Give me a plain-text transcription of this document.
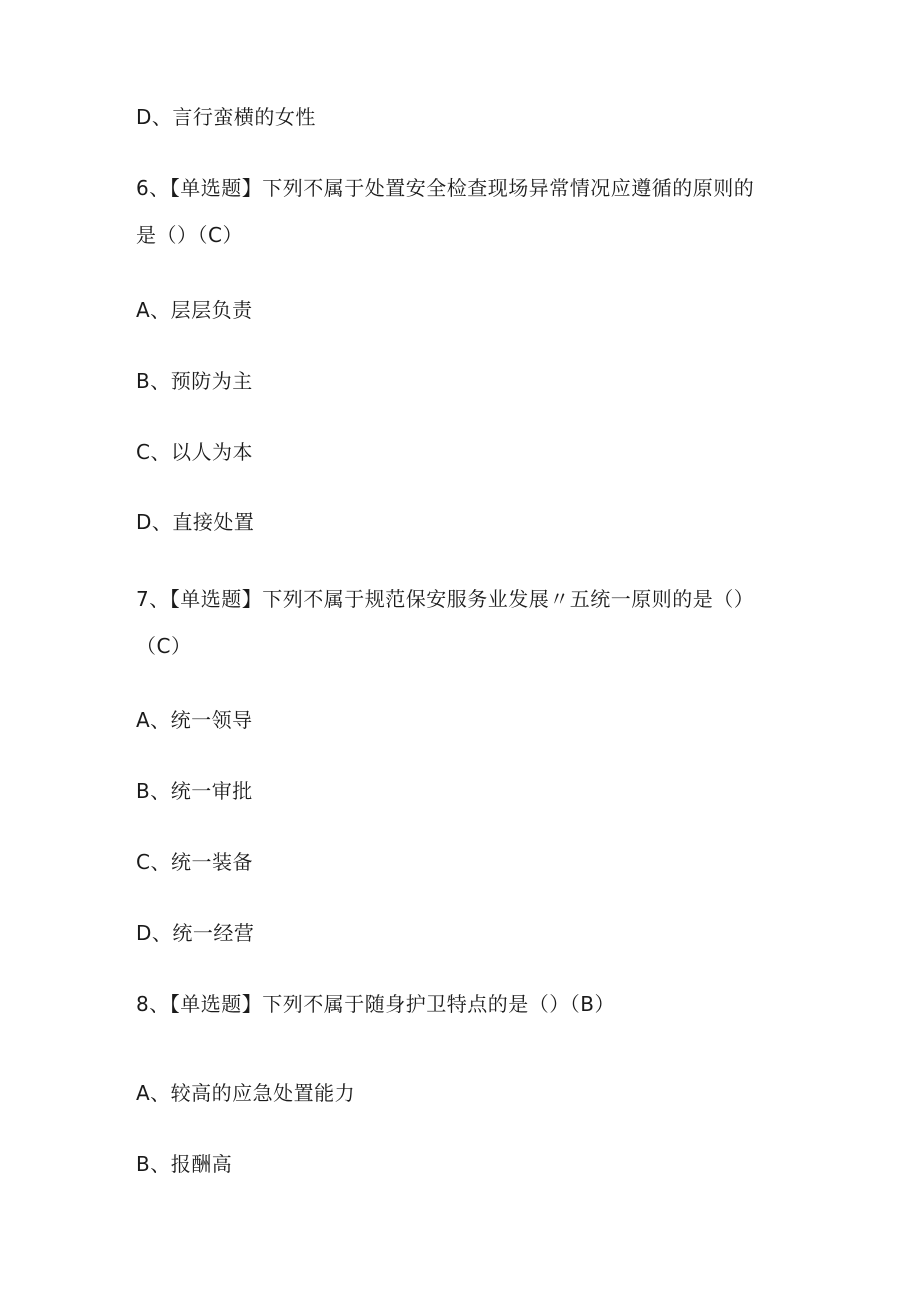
D、言行蛮横的女性
6、【单选题】下列不属于处置安全检查现场异常情况应遵循的原则的
是（）（C）
A、层层负责
B、预防为主
C、以人为本
D、直接处置
7、【单选题】下列不属于规范保安服务业发展〃五统一原则的是（）
（C）
A、统一领导
B、统一审批
C、统一装备
D、统一经营
8、【单选题】下列不属于随身护卫特点的是（）（B）
A、较高的应急处置能力
B、报酬高
